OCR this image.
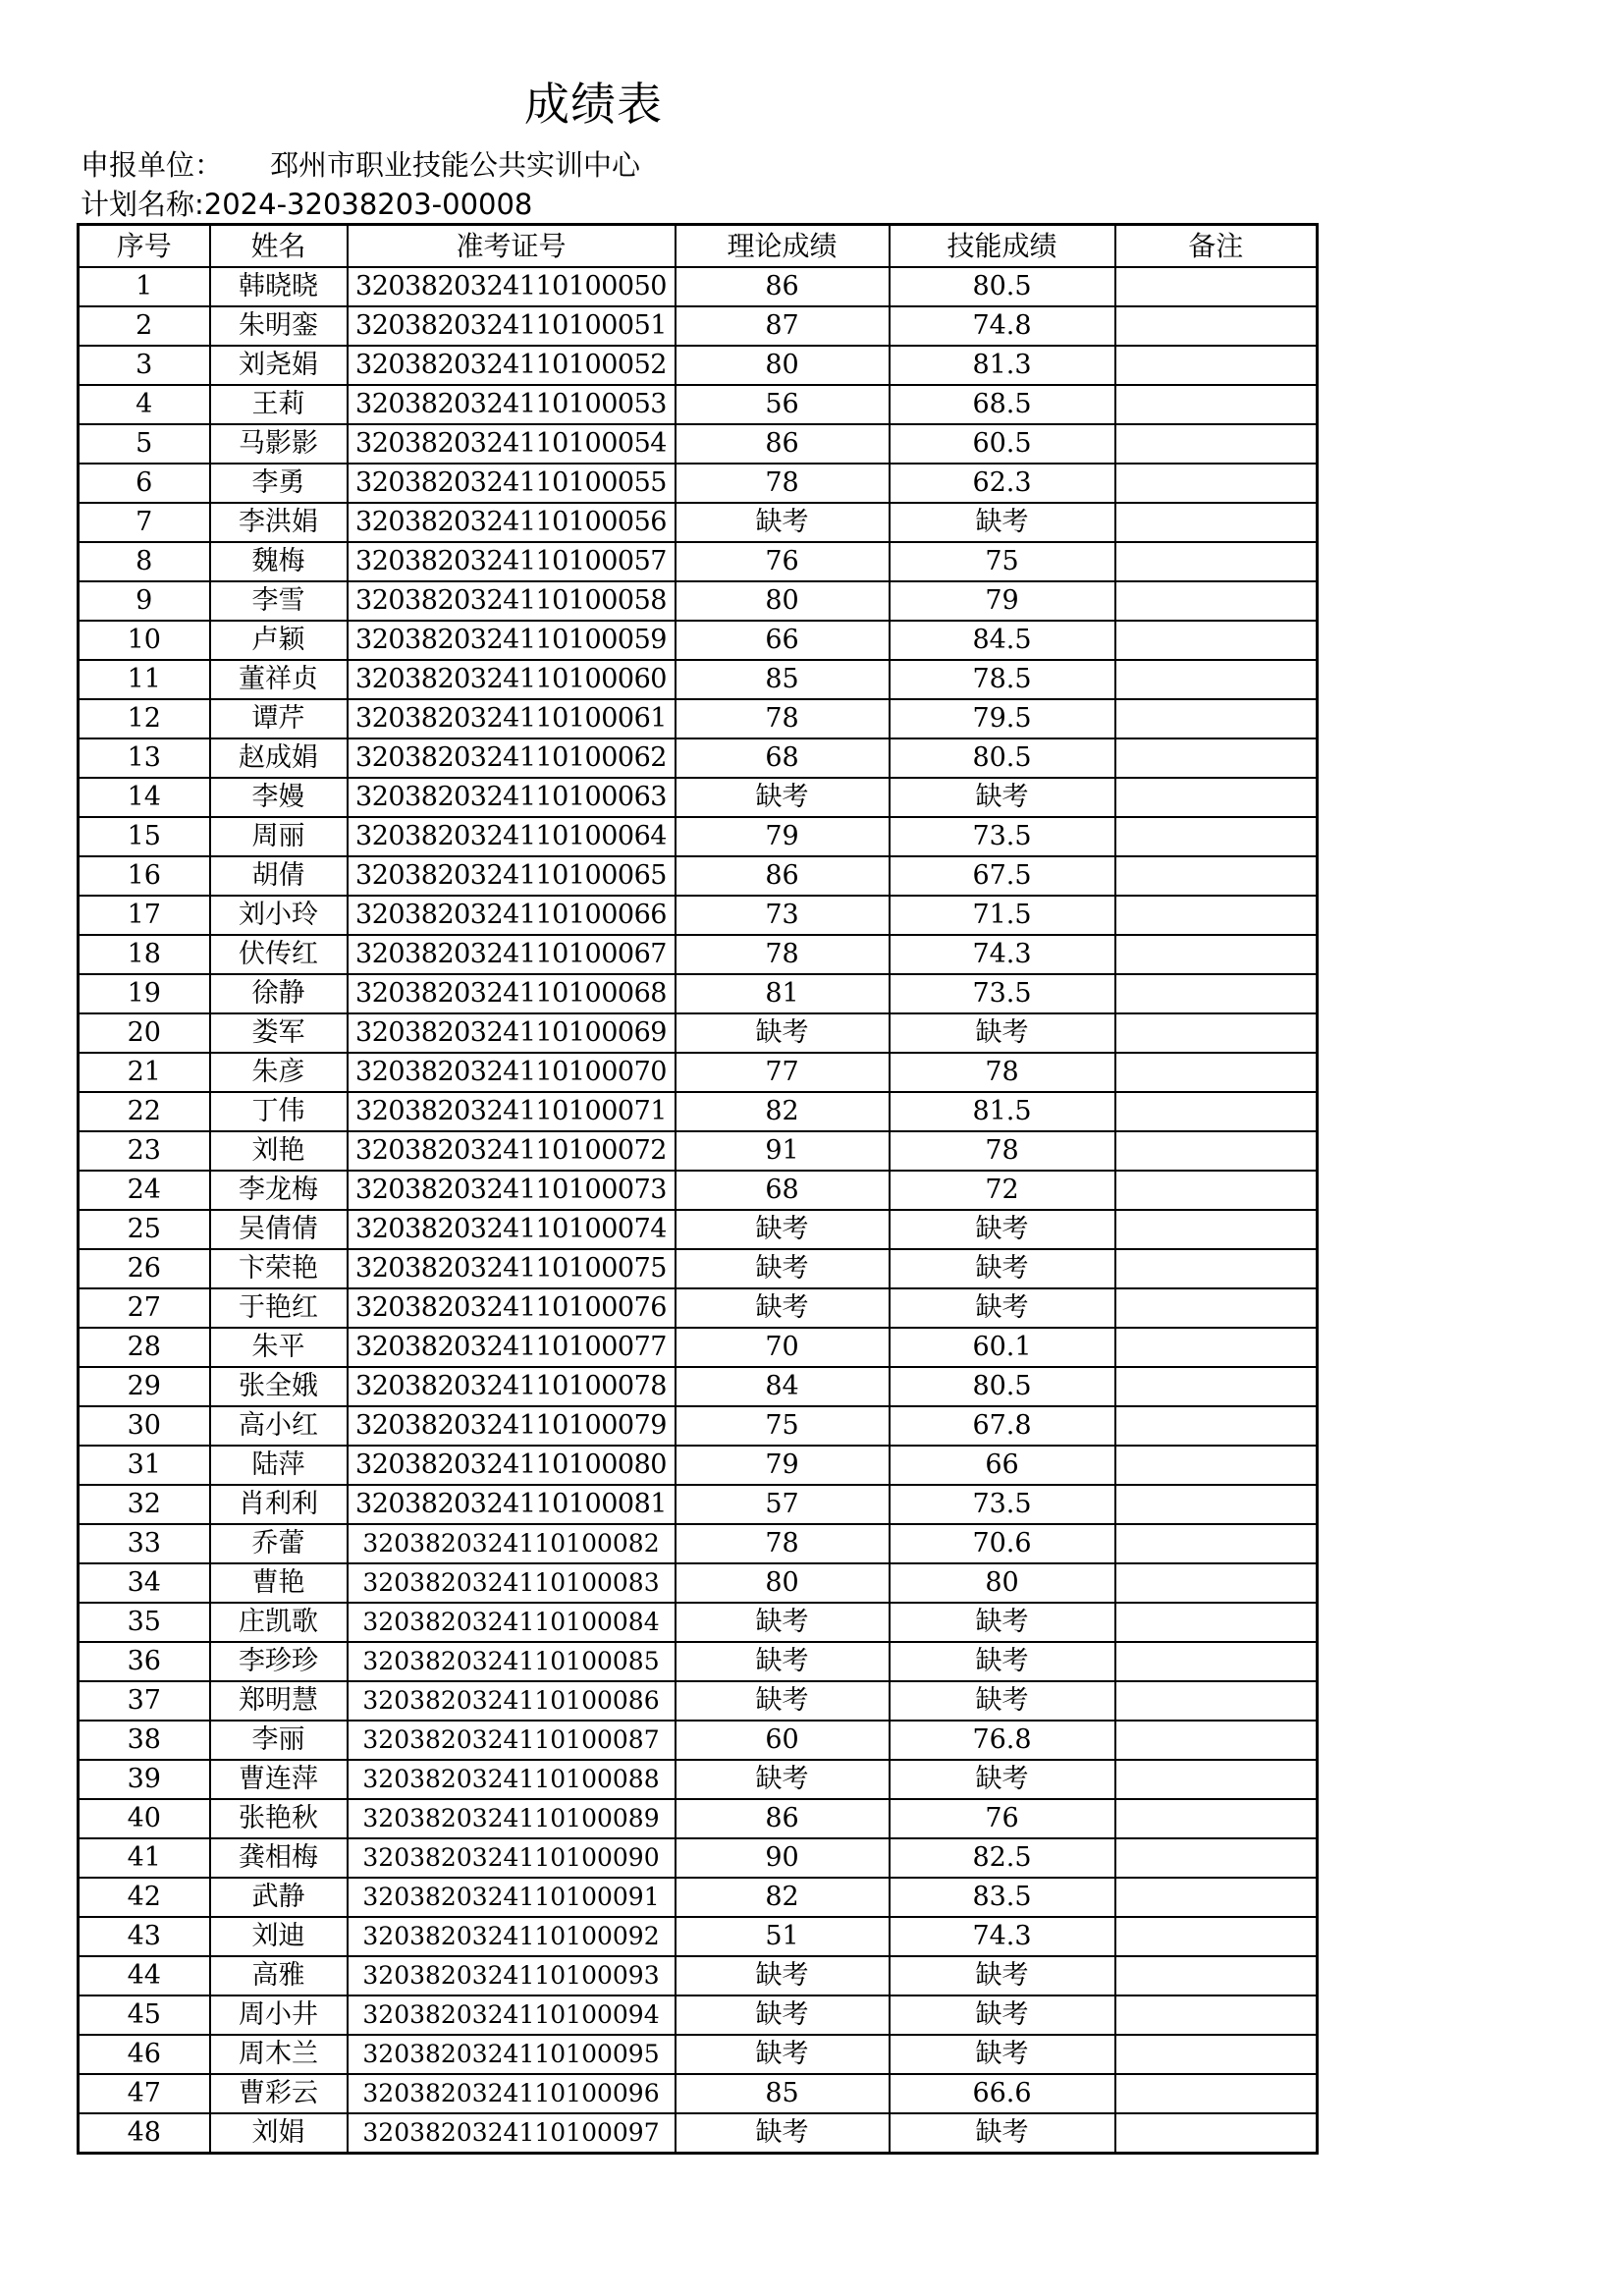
成绩表
申报单位： 邳州市职业技能公共实训中心
计划名称:2024-32038203-00008
序号	姓名	准考证号	理论成绩	技能成绩	备注
1	韩晓晓	3203820324110100050	86	80.5	
2	朱明銮	3203820324110100051	87	74.8	
3	刘尧娟	3203820324110100052	80	81.3	
4	王莉	3203820324110100053	56	68.5	
5	马影影	3203820324110100054	86	60.5	
6	李勇	3203820324110100055	78	62.3	
7	李洪娟	3203820324110100056	缺考	缺考	
8	魏梅	3203820324110100057	76	75	
9	李雪	3203820324110100058	80	79	
10	卢颖	3203820324110100059	66	84.5	
11	董祥贞	3203820324110100060	85	78.5	
12	谭芹	3203820324110100061	78	79.5	
13	赵成娟	3203820324110100062	68	80.5	
14	李嫚	3203820324110100063	缺考	缺考	
15	周丽	3203820324110100064	79	73.5	
16	胡倩	3203820324110100065	86	67.5	
17	刘小玲	3203820324110100066	73	71.5	
18	伏传红	3203820324110100067	78	74.3	
19	徐静	3203820324110100068	81	73.5	
20	娄军	3203820324110100069	缺考	缺考	
21	朱彦	3203820324110100070	77	78	
22	丁伟	3203820324110100071	82	81.5	
23	刘艳	3203820324110100072	91	78	
24	李龙梅	3203820324110100073	68	72	
25	吴倩倩	3203820324110100074	缺考	缺考	
26	卞荣艳	3203820324110100075	缺考	缺考	
27	于艳红	3203820324110100076	缺考	缺考	
28	朱平	3203820324110100077	70	60.1	
29	张全娥	3203820324110100078	84	80.5	
30	高小红	3203820324110100079	75	67.8	
31	陆萍	3203820324110100080	79	66	
32	肖利利	3203820324110100081	57	73.5	
33	乔蕾	3203820324110100082	78	70.6	
34	曹艳	3203820324110100083	80	80	
35	庄凯歌	3203820324110100084	缺考	缺考	
36	李珍珍	3203820324110100085	缺考	缺考	
37	郑明慧	3203820324110100086	缺考	缺考	
38	李丽	3203820324110100087	60	76.8	
39	曹连萍	3203820324110100088	缺考	缺考	
40	张艳秋	3203820324110100089	86	76	
41	龚相梅	3203820324110100090	90	82.5	
42	武静	3203820324110100091	82	83.5	
43	刘迪	3203820324110100092	51	74.3	
44	高雅	3203820324110100093	缺考	缺考	
45	周小井	3203820324110100094	缺考	缺考	
46	周木兰	3203820324110100095	缺考	缺考	
47	曹彩云	3203820324110100096	85	66.6	
48	刘娟	3203820324110100097	缺考	缺考	
